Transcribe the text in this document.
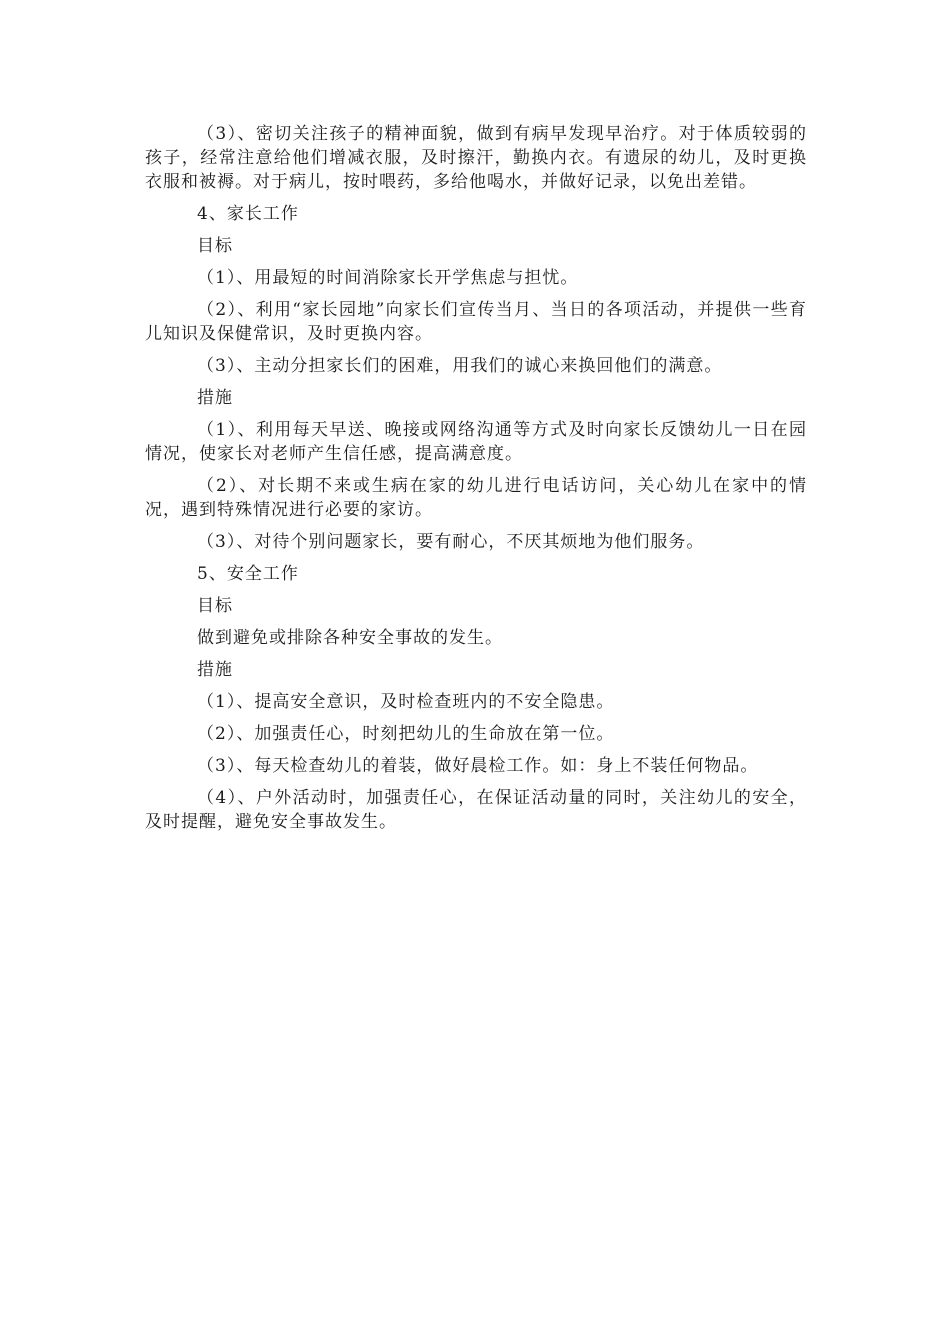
（3）、密切关注孩子的精神面貌，做到有病早发现早治疗。对于体质较弱的孩子，经常注意给他们增减衣服，及时擦汗，勤换内衣。有遗尿的幼儿，及时更换衣服和被褥。对于病儿，按时喂药，多给他喝水，并做好记录，以免出差错。

4、家长工作

目标

（1）、用最短的时间消除家长开学焦虑与担忧。

（2）、利用“家长园地”向家长们宣传当月、当日的各项活动，并提供一些育儿知识及保健常识，及时更换内容。

（3）、主动分担家长们的困难，用我们的诚心来换回他们的满意。

措施

（1）、利用每天早送、晚接或网络沟通等方式及时向家长反馈幼儿一日在园情况，使家长对老师产生信任感，提高满意度。

（2）、对长期不来或生病在家的幼儿进行电话访问，关心幼儿在家中的情况，遇到特殊情况进行必要的家访。

（3）、对待个别问题家长，要有耐心，不厌其烦地为他们服务。

5、安全工作

目标

做到避免或排除各种安全事故的发生。

措施

（1）、提高安全意识，及时检查班内的不安全隐患。

（2）、加强责任心，时刻把幼儿的生命放在第一位。

（3）、每天检查幼儿的着装，做好晨检工作。如：身上不装任何物品。

（4）、户外活动时，加强责任心，在保证活动量的同时，关注幼儿的安全，及时提醒，避免安全事故发生。
